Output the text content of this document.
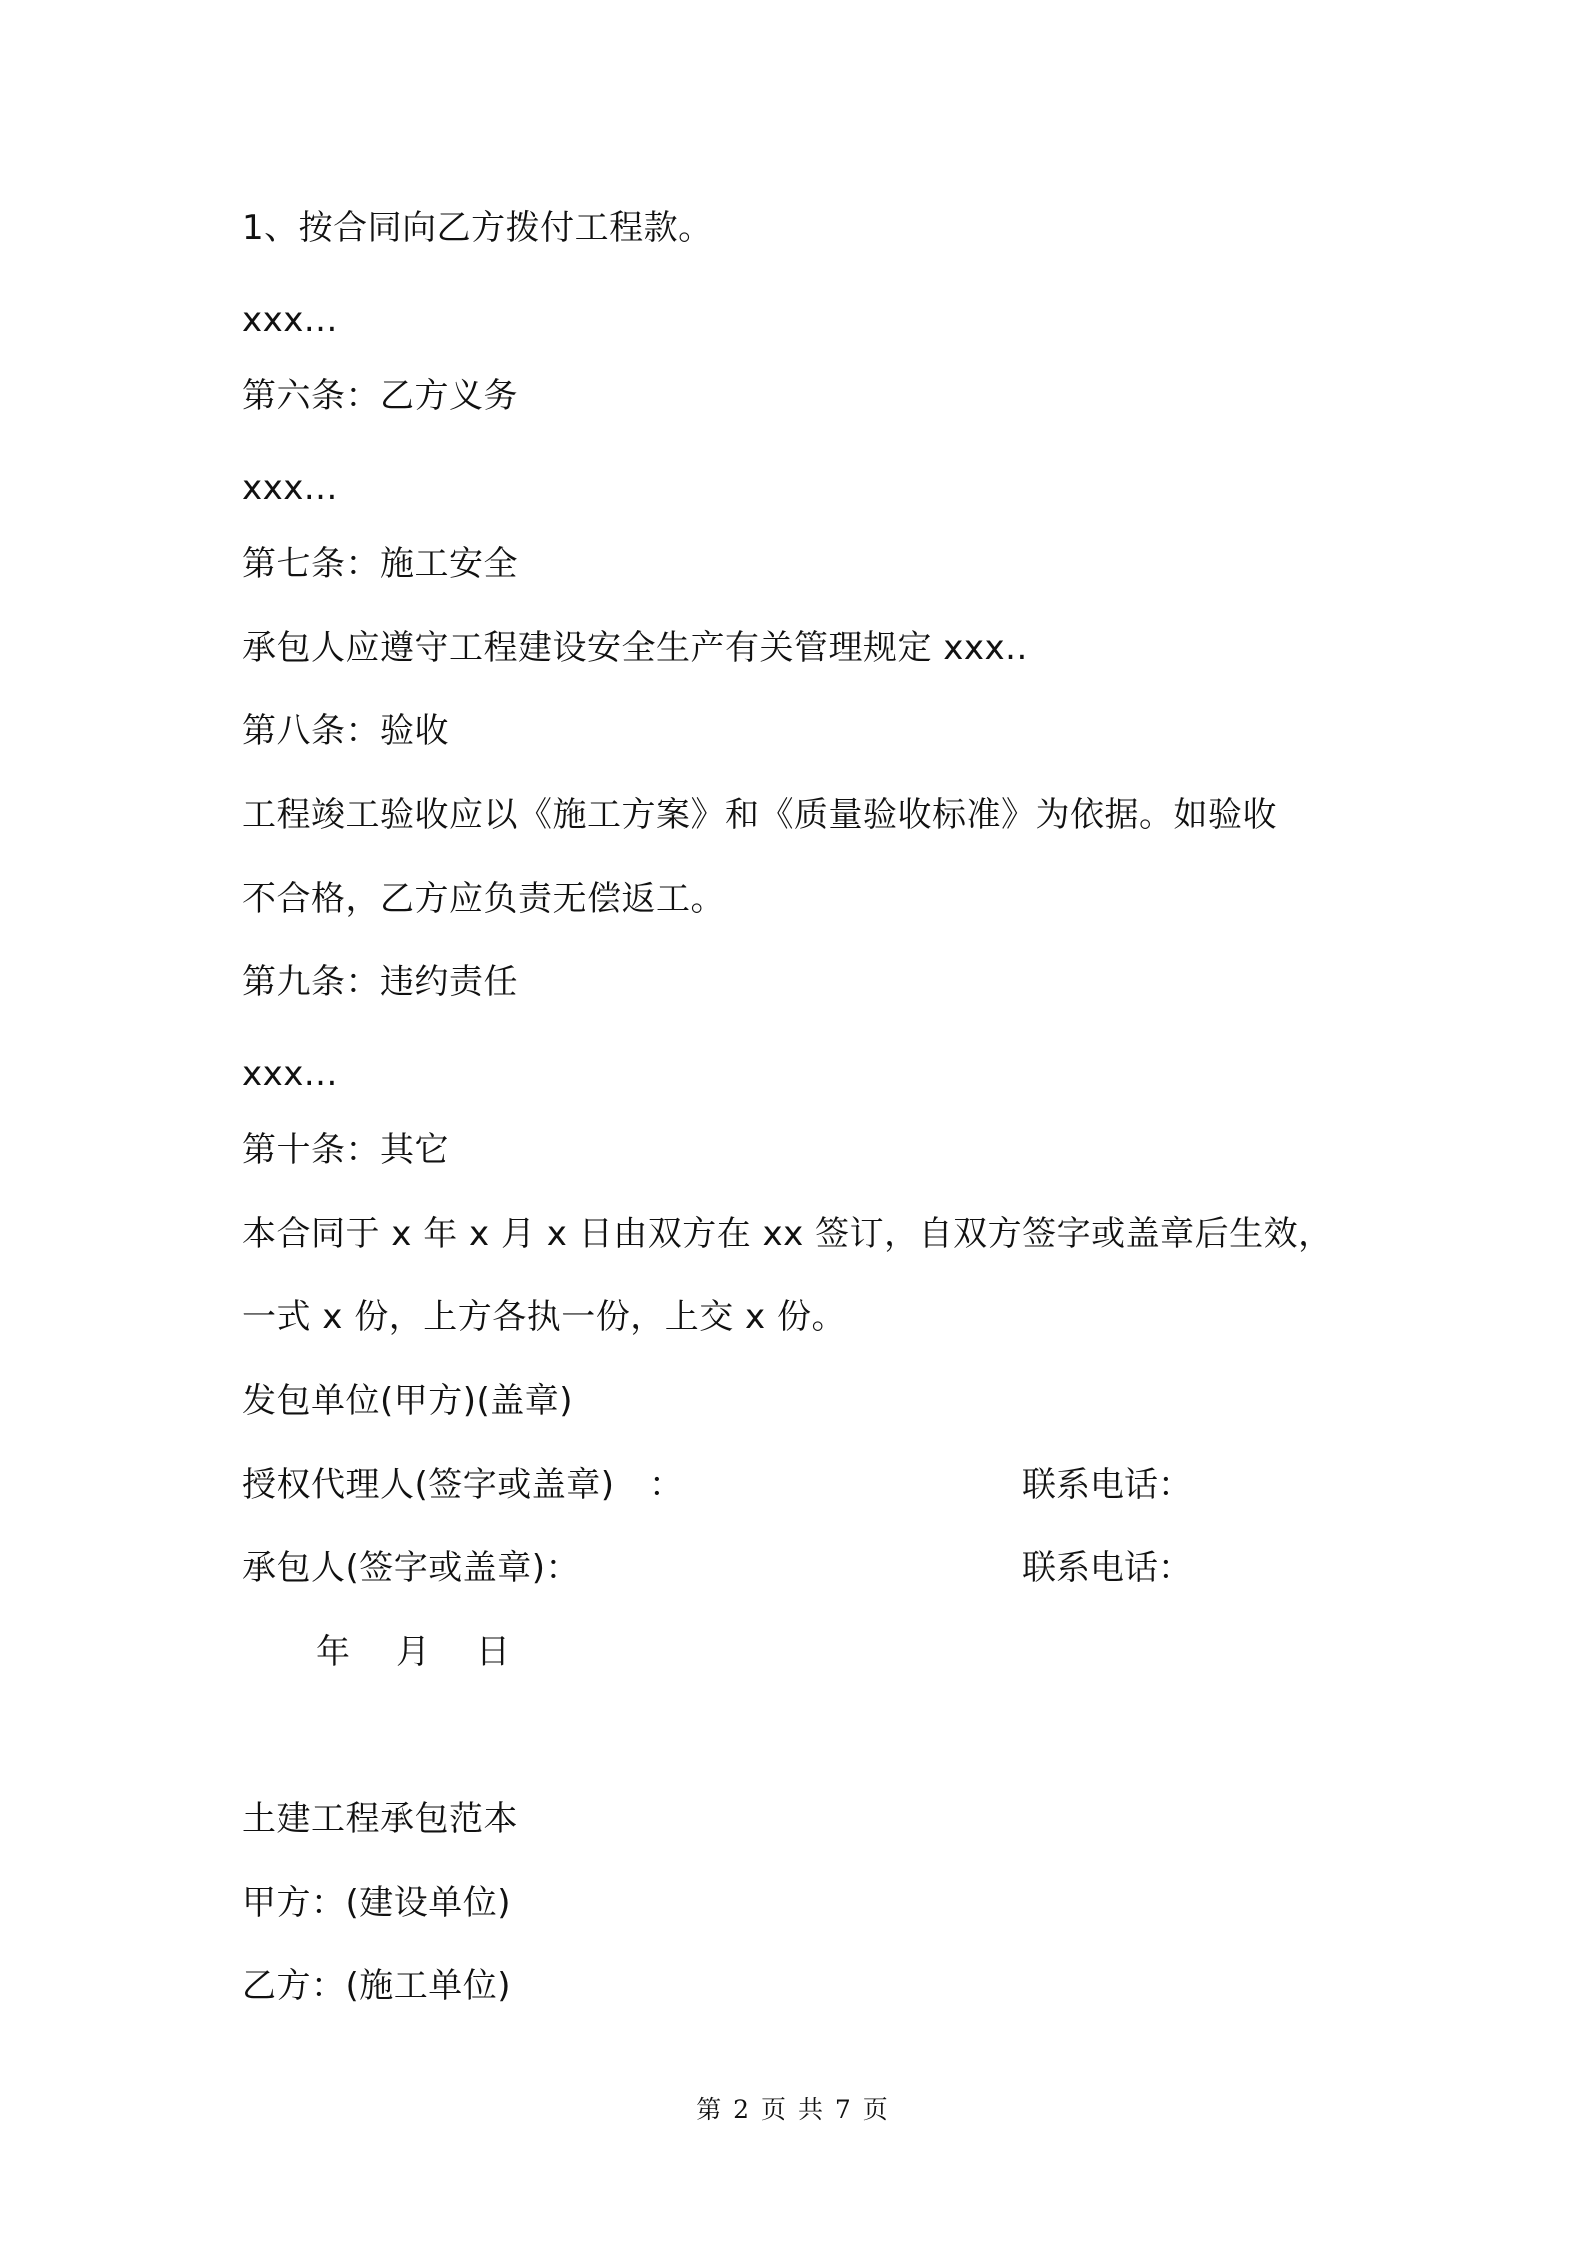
1、按合同向乙方拨付工程款。
xxx...
第六条：乙方义务
xxx...
第七条：施工安全
承包人应遵守工程建设安全生产有关管理规定 xxx..
第八条：验收
工程竣工验收应以《施工方案》和《质量验收标准》为依据。如验收
不合格，乙方应负责无偿返工。
第九条：违约责任
xxx...
第十条：其它
本合同于 x 年 x 月 x 日由双方在 xx 签订，自双方签字或盖章后生效，
一式 x 份，上方各执一份，上交 x 份。
发包单位(甲方)(盖章)
授权代理人(签字或盖章)　：	联系电话：
承包人(签字或盖章)：	联系电话：
年　月　日
土建工程承包范本
甲方：(建设单位)
乙方：(施工单位)
第 2 页 共 7 页
